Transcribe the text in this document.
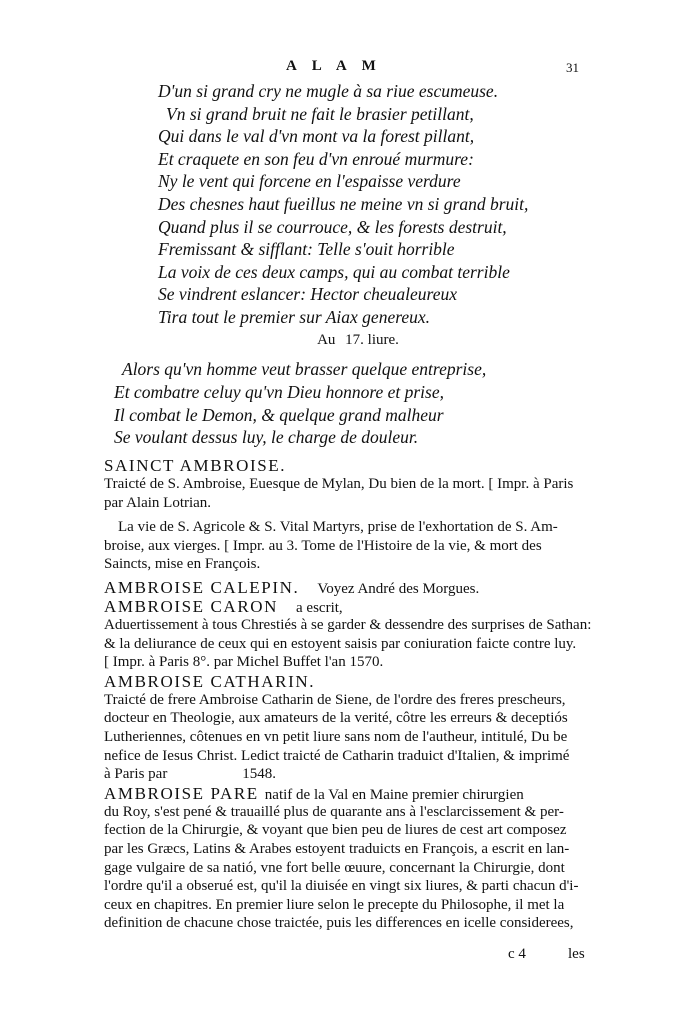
A L A M	31
D'un si grand cry ne mugle à sa riue escumeuse.
Vn si grand bruit ne fait le brasier petillant,
Qui dans le val d'vn mont va la forest pillant,
Et craquete en son feu d'vn enroué murmure:
Ny le vent qui forcene en l'espaisse verdure
Des chesnes haut fueillus ne meine vn si grand bruit,
Quand plus il se courrouce, & les forests destruit,
Fremissant & sifflant: Telle s'ouit horrible
La voix de ces deux camps, qui au combat terrible
Se vindrent eslancer: Hector cheualeureux
Tira tout le premier sur Aiax genereux.
Au 17. liure.
Alors qu'vn homme veut brasser quelque entreprise,
Et combatre celuy qu'vn Dieu honnore et prise,
Il combat le Demon, & quelque grand malheur
Se voulant dessus luy, le charge de douleur.
SAINCT AMBROISE.

Traicté de S. Ambroise, Euesque de Mylan, Du bien de la mort. [ Impr. à Paris
par Alain Lotrian.

La vie de S. Agricole & S. Vital Martyrs, prise de l'exhortation de S. Am-
broise, aux vierges. [ Impr. au 3. Tome de l'Histoire de la vie, & mort des
Saincts, mise en François.

AMBROISE CALEPIN. Voyez André des Morgues.
AMBROISE CARON a escrit,

Aduertissement à tous Chrestiés à se garder & dessendre des surprises de Sathan:
& la deliurance de ceux qui en estoyent saisis par coniuration faicte contre luy.
[ Impr. à Paris 8°. par Michel Buffet l'an 1570.

AMBROISE CATHARIN.

Traicté de frere Ambroise Catharin de Siene, de l'ordre des freres prescheurs,
docteur en Theologie, aux amateurs de la verité, côtre les erreurs & deceptiós
Lutheriennes, côtenues en vn petit liure sans nom de l'autheur, intitulé, Du be
nefice de Iesus Christ. Ledict traicté de Catharin traduict d'Italien, & imprimé
à Paris par                    1548.

AMBROISE PARE natif de la Val en Maine premier chirurgien

du Roy, s'est pené & trauaillé plus de quarante ans à l'esclarcissement & per-
fection de la Chirurgie, & voyant que bien peu de liures de cest art composez
par les Græcs, Latins & Arabes estoyent traduicts en François, a escrit en lan-
gage vulgaire de sa natió, vne fort belle œuure, concernant la Chirurgie, dont
l'ordre qu'il a obserué est, qu'il la diuisée en vingt six liures, & parti chacun d'i-
ceux en chapitres. En premier liure selon le precepte du Philosophe, il met la
definition de chacune chose traictée, puis les differences en icelle considerees,

c 4	les
